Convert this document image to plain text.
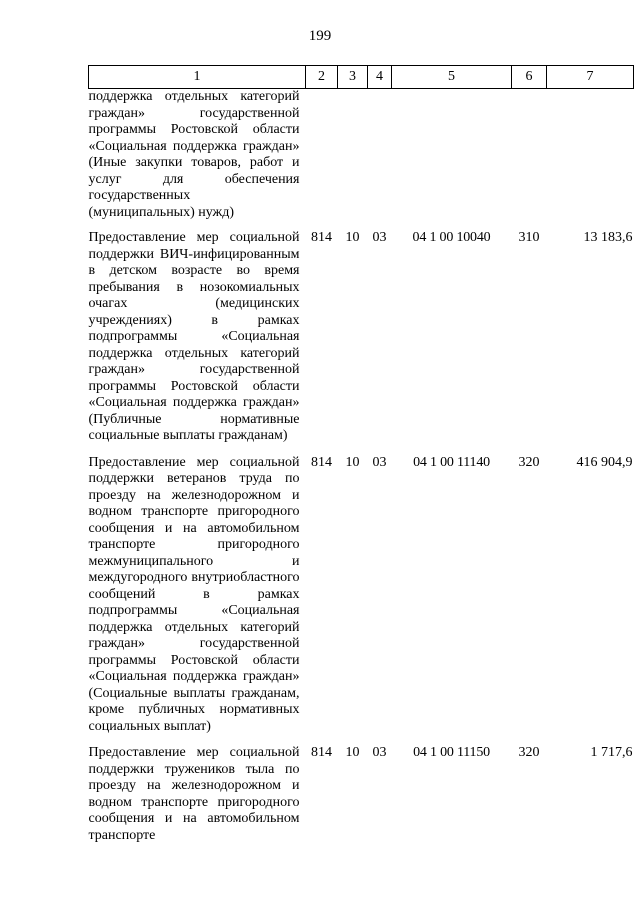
199
1	2	3	4	5	6	7
поддержка отдельных категорий граждан» государственной программы Ростовской области «Социальная поддержка граждан» (Иные закупки товаров, работ и услуг для обеспечения государственных (муниципальных) нужд)						
Предоставление мер социальной поддержки ВИЧ-инфицированным в детском возрасте во время пребывания в нозокомиальных очагах (медицинских учреждениях) в рамках подпрограммы «Социальная поддержка отдельных категорий граждан» государственной программы Ростовской области «Социальная поддержка граждан» (Публичные нормативные социальные выплаты гражданам)	814	10	03	04 1 00 10040	310	13 183,6
Предоставление мер социальной поддержки ветеранов труда по проезду на железнодорожном и водном транспорте пригородного сообщения и на автомобильном транспорте пригородного межмуниципального и междугородного внутриобластного сообщений в рамках подпрограммы «Социальная поддержка отдельных категорий граждан» государственной программы Ростовской области «Социальная поддержка граждан» (Социальные выплаты гражданам, кроме публичных нормативных социальных выплат)	814	10	03	04 1 00 11140	320	416 904,9
Предоставление мер социальной поддержки тружеников тыла по проезду на железнодорожном и водном транспорте пригородного сообщения и на автомобильном транспорте	814	10	03	04 1 00 11150	320	1 717,6
